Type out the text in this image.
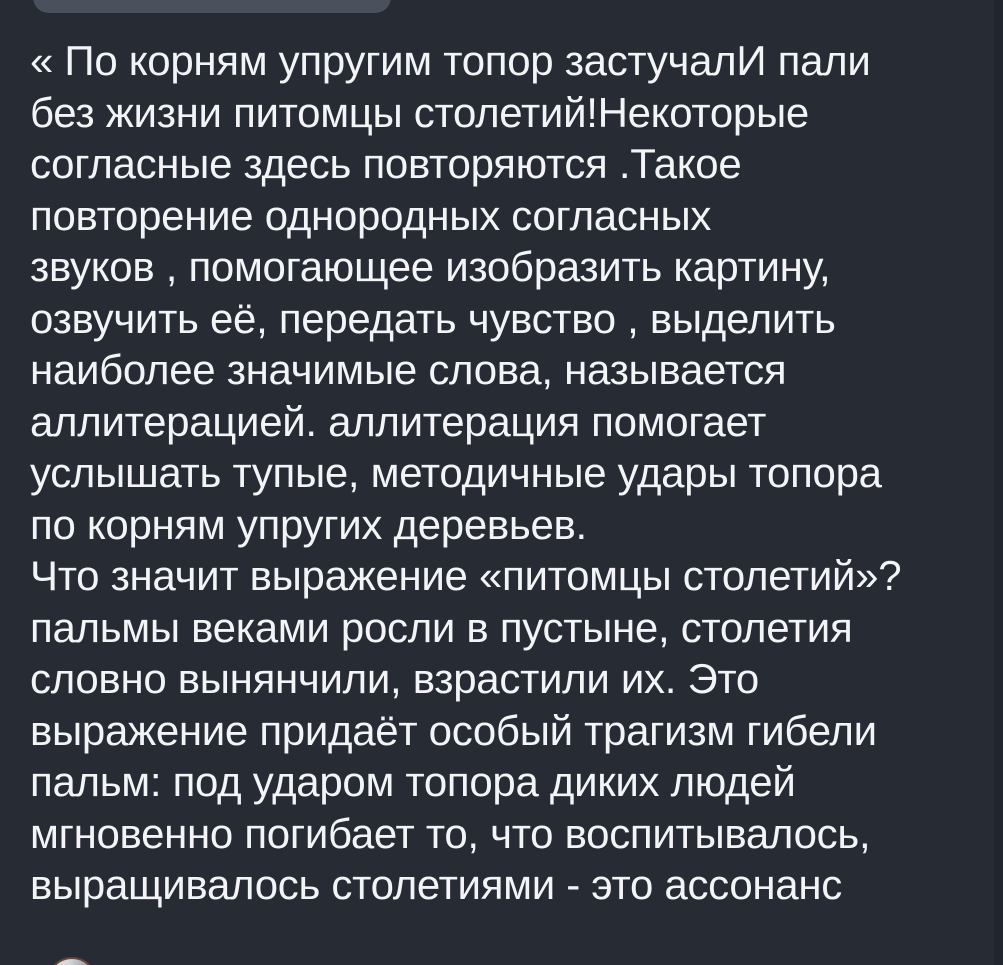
« По корням упругим топор застучалИ пали
без жизни питомцы столетий!Некоторые
согласные здесь повторяются .Такое
повторение однородных согласных
звуков , помогающее изобразить картину,
озвучить её, передать чувство , выделить
наиболее значимые слова, называется
аллитерацией. аллитерация помогает
услышать тупые, методичные удары топора
по корням упругих деревьев.
Что значит выражение «питомцы столетий»?
пальмы веками росли в пустыне, столетия
словно вынянчили, взрастили их. Это
выражение придаёт особый трагизм гибели
пальм: под ударом топора диких людей
мгновенно погибает то, что воспитывалось,
выращивалось столетиями - это ассонанс
